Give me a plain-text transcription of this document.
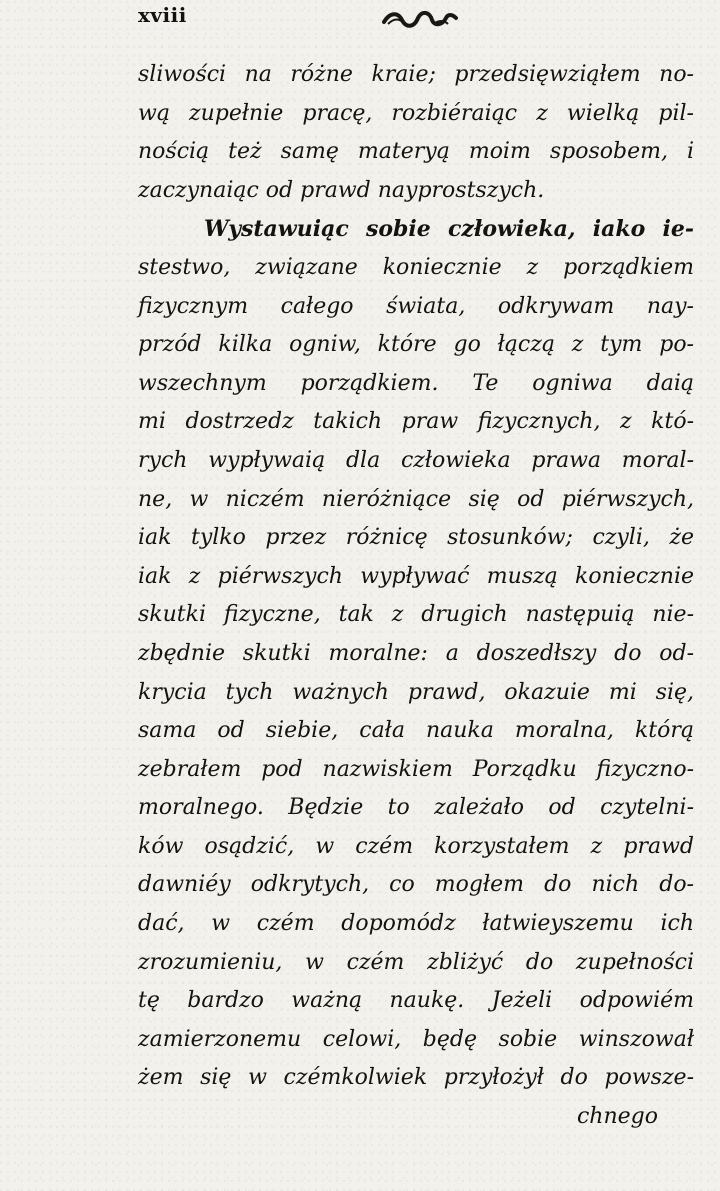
xviii
sliwości na różne kraie; przedsięwziąłem no-
wą zupełnie pracę, rozbiéraiąc z wielką pil-
nością też samę materyą moim sposobem, i
zaczynaiąc od prawd nayprostszych.
Wystawuiąc sobie człowieka, iako ie-
stestwo, związane koniecznie z porządkiem
fizycznym całego świata, odkrywam nay-
przód kilka ogniw, które go łączą z tym po-
wszechnym porządkiem. Te ogniwa daią
mi dostrzedz takich praw fizycznych, z któ-
rych wypływaią dla człowieka prawa moral-
ne, w niczém nieróżniące się od piérwszych,
iak tylko przez różnicę stosunków; czyli, że
iak z piérwszych wypływać muszą koniecznie
skutki fizyczne, tak z drugich następuią nie-
zbędnie skutki moralne: a doszedłszy do od-
krycia tych ważnych prawd, okazuie mi się,
sama od siebie, cała nauka moralna, którą
zebrałem pod nazwiskiem Porządku fizyczno-
moralnego. Będzie to zależało od czytelni-
ków osądzić, w czém korzystałem z prawd
dawniéy odkrytych, co mogłem do nich do-
dać, w czém dopomódz łatwieyszemu ich
zrozumieniu, w czém zbliżyć do zupełności
tę bardzo ważną naukę. Jeżeli odpowiém
zamierzonemu celowi, będę sobie winszował
żem się w czémkolwiek przyłożył do powsze-
chnego
